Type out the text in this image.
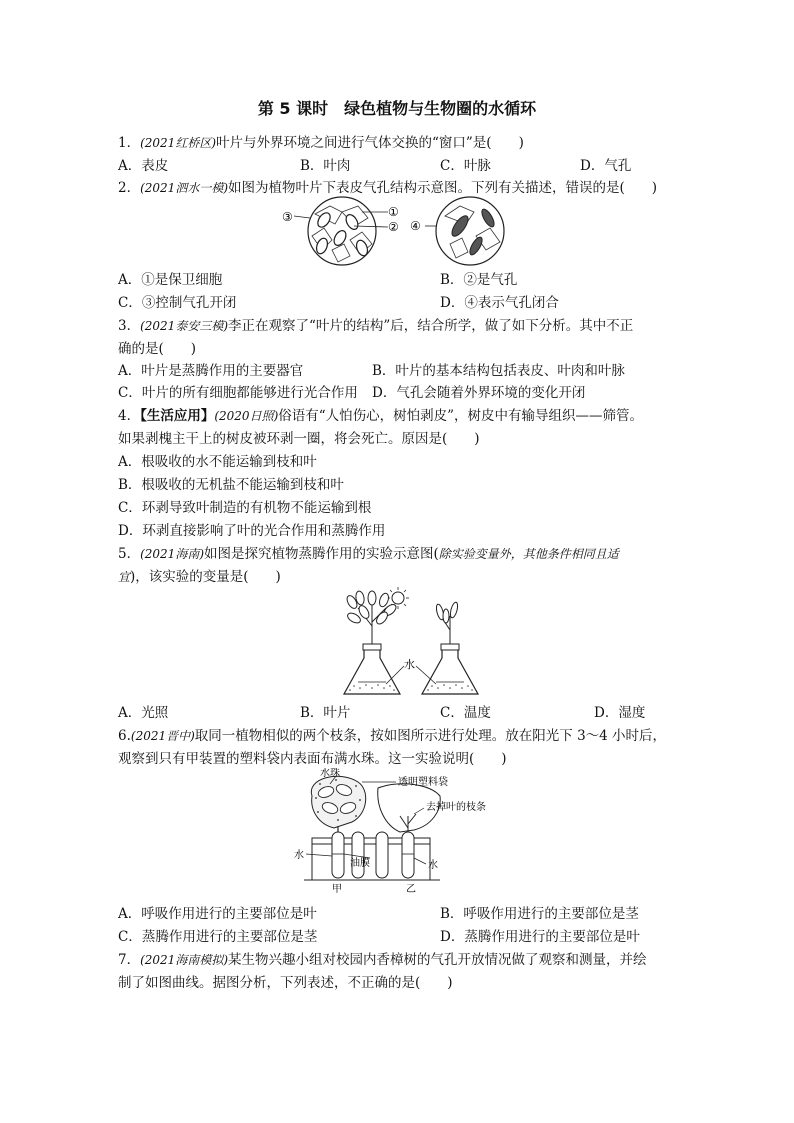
第 5 课时　绿色植物与生物圈的水循环
1．(2021红桥区)叶片与外界环境之间进行气体交换的“窗口”是(　　)
A．表皮	B．叶肉	C．叶脉	D．气孔
2．(2021泗水一模)如图为植物叶片下表皮气孔结构示意图。下列有关描述，错误的是(　　)
③	①
② ④
A．①是保卫细胞	B．②是气孔
C．③控制气孔开闭	D．④表示气孔闭合
3．(2021泰安三模)李正在观察了“叶片的结构”后，结合所学，做了如下分析。其中不正
确的是(　　)
A．叶片是蒸腾作用的主要器官	B．叶片的基本结构包括表皮、叶肉和叶脉
C．叶片的所有细胞都能够进行光合作用 D．气孔会随着外界环境的变化开闭
4．【生活应用】(2020日照)俗语有“人怕伤心，树怕剥皮”，树皮中有输导组织——筛管。
如果剥槐主干上的树皮被环剥一圈，将会死亡。原因是(　　)
A．根吸收的水不能运输到枝和叶
B．根吸收的无机盐不能运输到枝和叶
C．环剥导致叶制造的有机物不能运输到根
D．环剥直接影响了叶的光合作用和蒸腾作用
5．(2021海南)如图是探究植物蒸腾作用的实验示意图(除实验变量外，其他条件相同且适
宜)，该实验的变量是(　　)
水
A．光照	B．叶片	C．温度	D．湿度
6.(2021晋中)取同一植物相似的两个枝条，按如图所示进行处理。放在阳光下 3～4 小时后，
观察到只有甲装置的塑料袋内表面布满水珠。这一实验说明(　　)
水珠
透明塑料袋
去掉叶的枝条
水
油膜	水
甲	乙
A．呼吸作用进行的主要部位是叶	B．呼吸作用进行的主要部位是茎
C．蒸腾作用进行的主要部位是茎	D．蒸腾作用进行的主要部位是叶
7．(2021海南模拟)某生物兴趣小组对校园内香樟树的气孔开放情况做了观察和测量，并绘
制了如图曲线。据图分析，下列表述，不正确的是(　　)
